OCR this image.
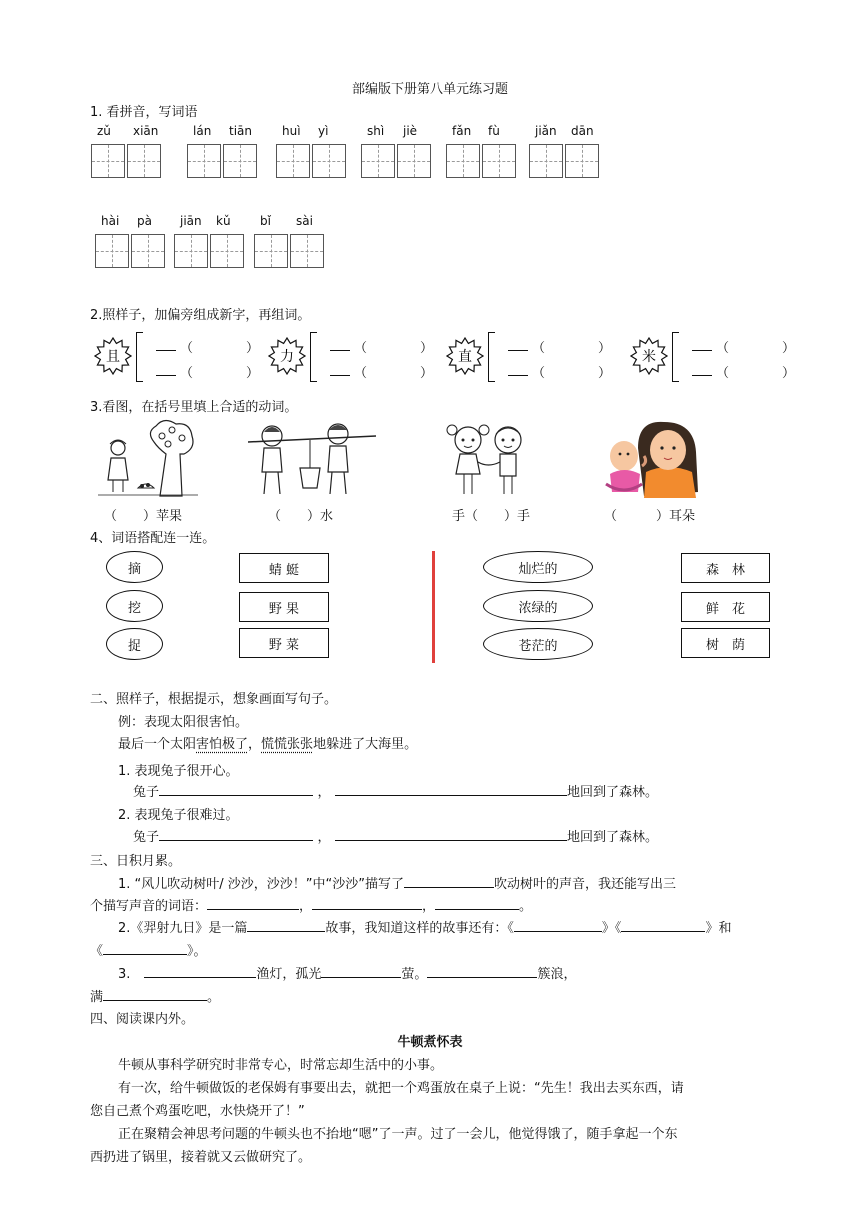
部编版下册第八单元练习题
1. 看拼音，写词语
zǔ xiān	lán tiān	huì yì	shì jiè	fǎn fù	jiǎn dān
hài pà jiān kǔ bǐ sài
2.照样子，加偏旁组成新字，再组词。
且
（	）
（	）
力
（	）
（	）
直
（	）
（	）
米
（	）
（	）
3.看图，在括号里填上合适的动词。
（　　）苹果	（　　）水	手（　　）手	（　　　）耳朵
4、词语搭配连一连。
摘
挖
捉
蜻 蜓
野 果
野 菜
灿烂的
浓绿的
苍茫的
森　林
鲜　花
树　荫
二、照样子，根据提示，想象画面写句子。
例：表现太阳很害怕。
最后一个太阳害怕极了，慌慌张张地躲进了大海里。
1. 表现兔子很开心。
兔子	，	地回到了森林。
2. 表现兔子很难过。
兔子	，	地回到了森林。
三、日积月累。
1. “风儿吹动树叶/ 沙沙，沙沙！”中“沙沙”描写了	吹动树叶的声音，我还能写出三
个描写声音的词语：	，	，	。
2.《羿射九日》是一篇	故事，我知道这样的故事还有：《	》《	》和
《	》。
3.	渔灯，孤光	萤。	簇浪，
满	。
四、阅读课内外。
牛顿煮怀表
牛顿从事科学研究时非常专心，时常忘却生活中的小事。
有一次，给牛顿做饭的老保姆有事要出去，就把一个鸡蛋放在桌子上说：“先生！我出去买东西，请
您自己煮个鸡蛋吃吧，水快烧开了！”
正在聚精会神思考问题的牛顿头也不抬地“嗯”了一声。过了一会儿，他觉得饿了，随手拿起一个东
西扔进了锅里，接着就又云做研究了。
